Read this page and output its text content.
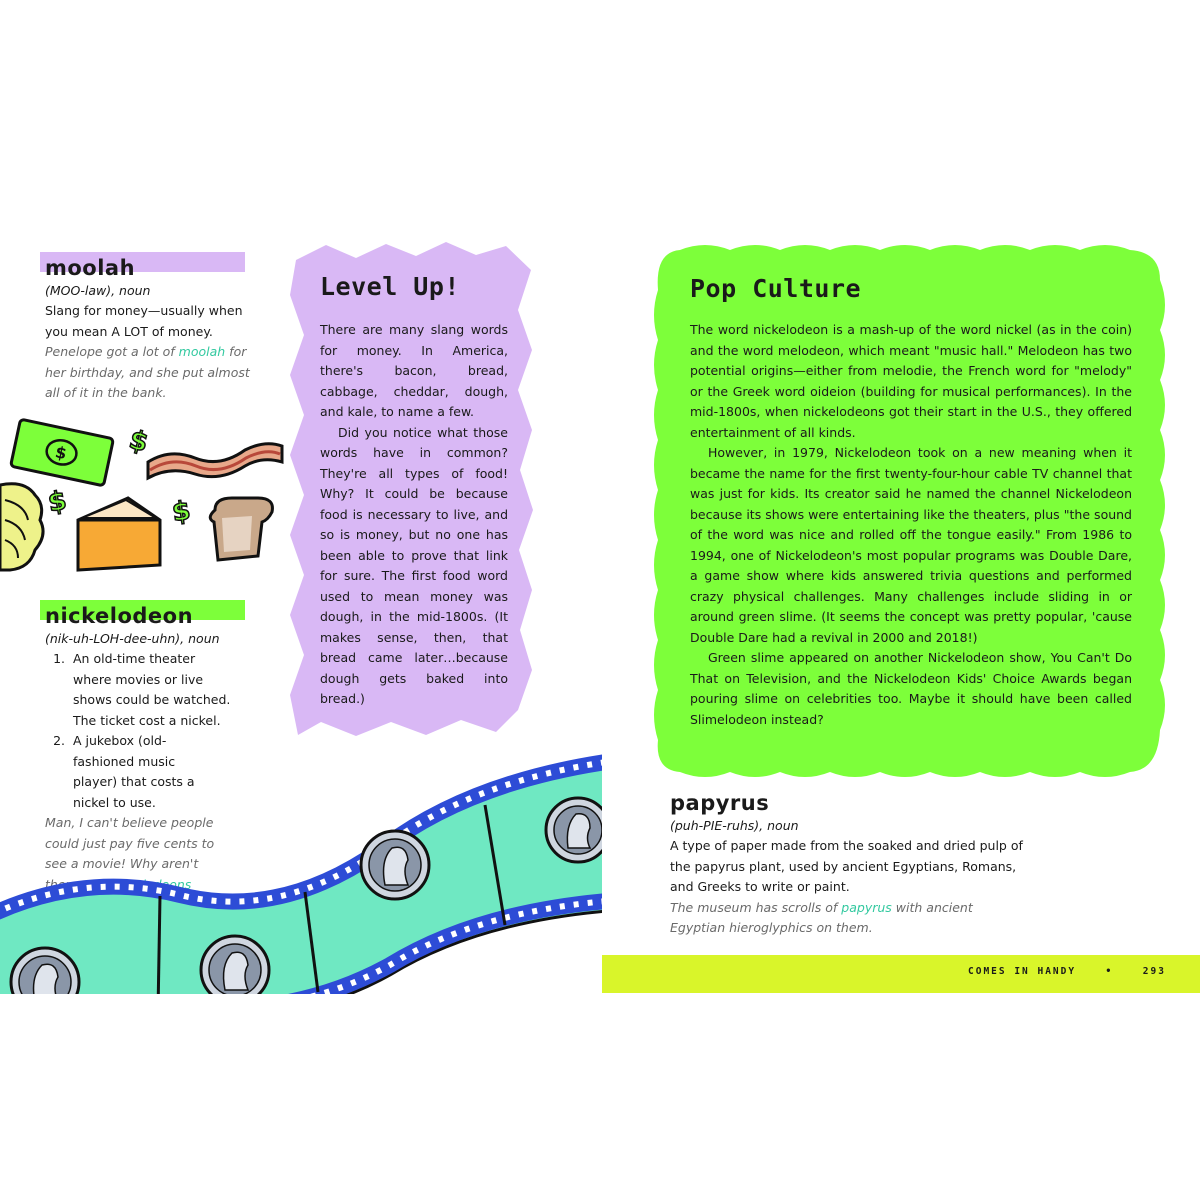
moolah
(MOO-law), noun
Slang for money—usually when you mean A LOT of money.
Penelope got a lot of moolah for her birthday, and she put almost all of it in the bank.
$ $
$	$
nickelodeon
(nik-uh-LOH-dee-uhn), noun
1. An old-time theater where movies or live shows could be watched. The ticket cost a nickel.
2. A jukebox (old-fashioned music player) that costs a nickel to use.
Man, I can't believe people could just pay five cents to see a movie! Why aren't there any nickelodeons
Level Up!

There are many slang words for money. In America, there's bacon, bread, cabbage, cheddar, dough, and kale, to name a few.

Did you notice what those words have in common? They're all types of food! Why? It could be because food is necessary to live, and so is money, but no one has been able to prove that link for sure. The first food word used to mean money was dough, in the mid-1800s. (It makes sense, then, that bread came later…because dough gets baked into bread.)

Pop Culture

The word nickelodeon is a mash-up of the word nickel (as in the coin) and the word melodeon, which meant "music hall." Melodeon has two potential origins—either from melodie, the French word for "melody" or the Greek word oideion (building for musical performances). In the mid-1800s, when nickelodeons got their start in the U.S., they offered entertainment of all kinds.

However, in 1979, Nickelodeon took on a new meaning when it became the name for the first twenty-four-hour cable TV channel that was just for kids. Its creator said he named the channel Nickelodeon because its shows were entertaining like the theaters, plus "the sound of the word was nice and rolled off the tongue easily." From 1986 to 1994, one of Nickelodeon's most popular programs was Double Dare, a game show where kids answered trivia questions and performed crazy physical challenges. Many challenges include sliding in or around green slime. (It seems the concept was pretty popular, 'cause Double Dare had a revival in 2000 and 2018!)

Green slime appeared on another Nickelodeon show, You Can't Do That on Television, and the Nickelodeon Kids' Choice Awards began pouring slime on celebrities too. Maybe it should have been called Slimelodeon instead?

papyrus
(puh-PIE-ruhs), noun
A type of paper made from the soaked and dried pulp of the papyrus plant, used by ancient Egyptians, Romans, and Greeks to write or paint.
The museum has scrolls of papyrus with ancient Egyptian hieroglyphics on them.
COMES IN HANDY	•	293
